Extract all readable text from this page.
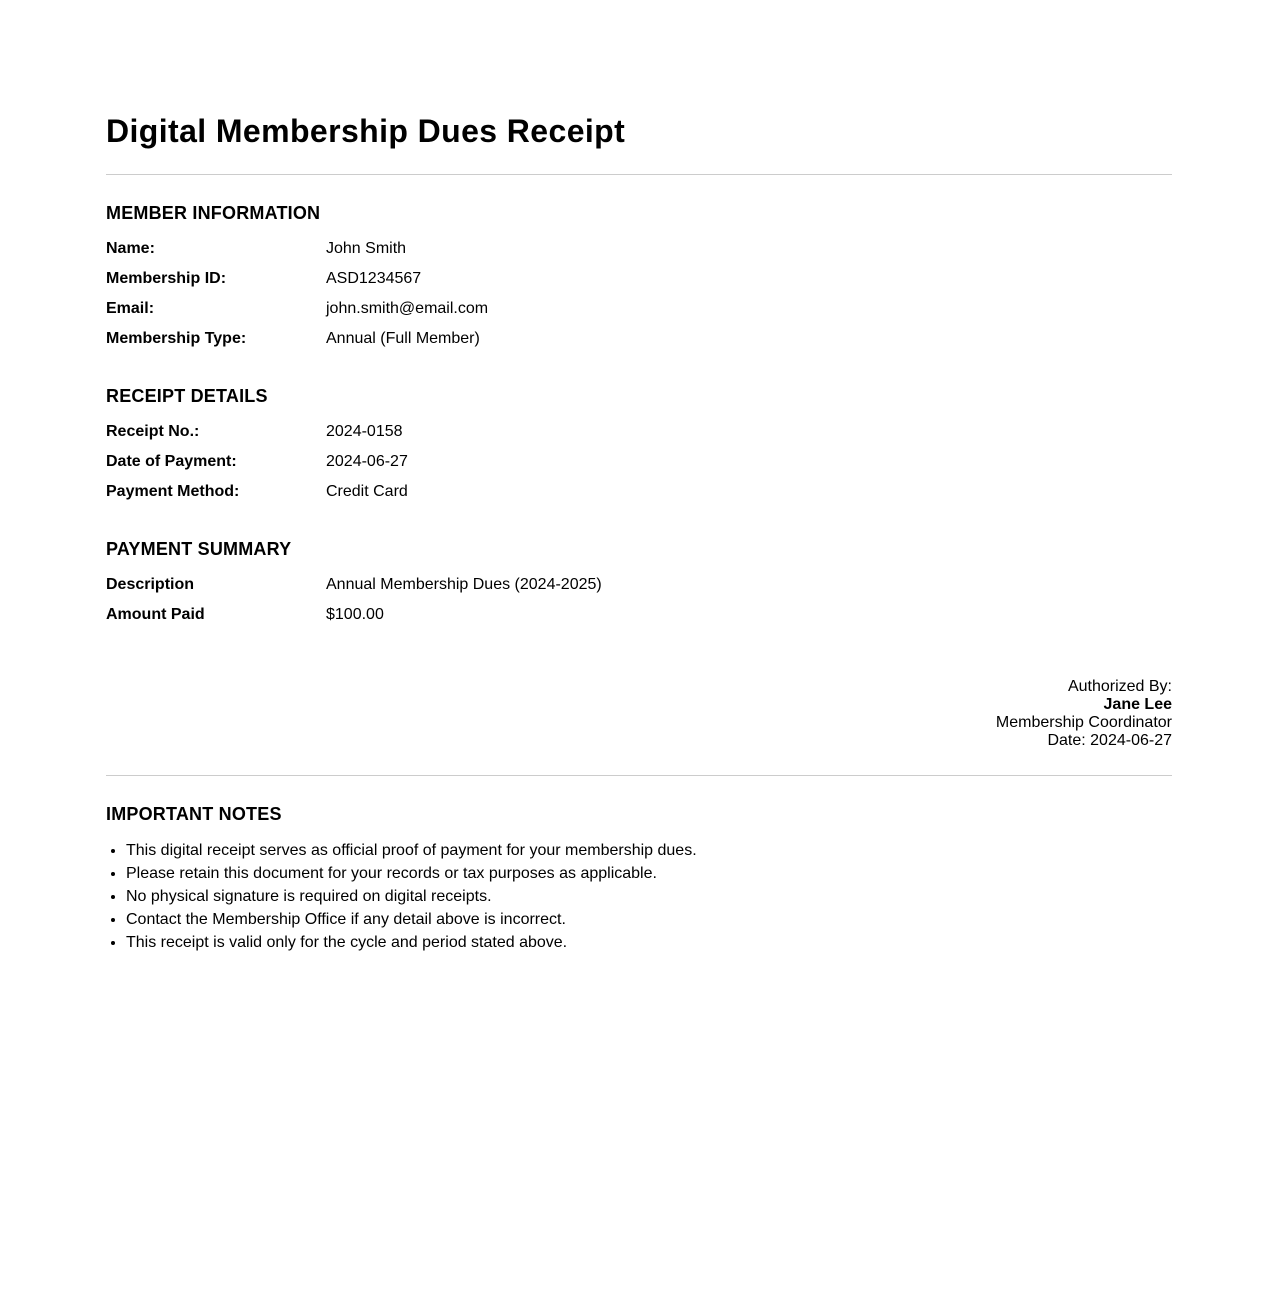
Digital Membership Dues Receipt
MEMBER INFORMATION
Name:	John Smith
Membership ID:	ASD1234567
Email:	john.smith@email.com
Membership Type:	Annual (Full Member)
RECEIPT DETAILS
Receipt No.:	2024-0158
Date of Payment:	2024-06-27
Payment Method:	Credit Card
PAYMENT SUMMARY
Description	Annual Membership Dues (2024-2025)
Amount Paid	$100.00
Authorized By:
Jane Lee
Membership Coordinator
Date: 2024-06-27
IMPORTANT NOTES
• This digital receipt serves as official proof of payment for your membership dues.
• Please retain this document for your records or tax purposes as applicable.
• No physical signature is required on digital receipts.
• Contact the Membership Office if any detail above is incorrect.
• This receipt is valid only for the cycle and period stated above.
